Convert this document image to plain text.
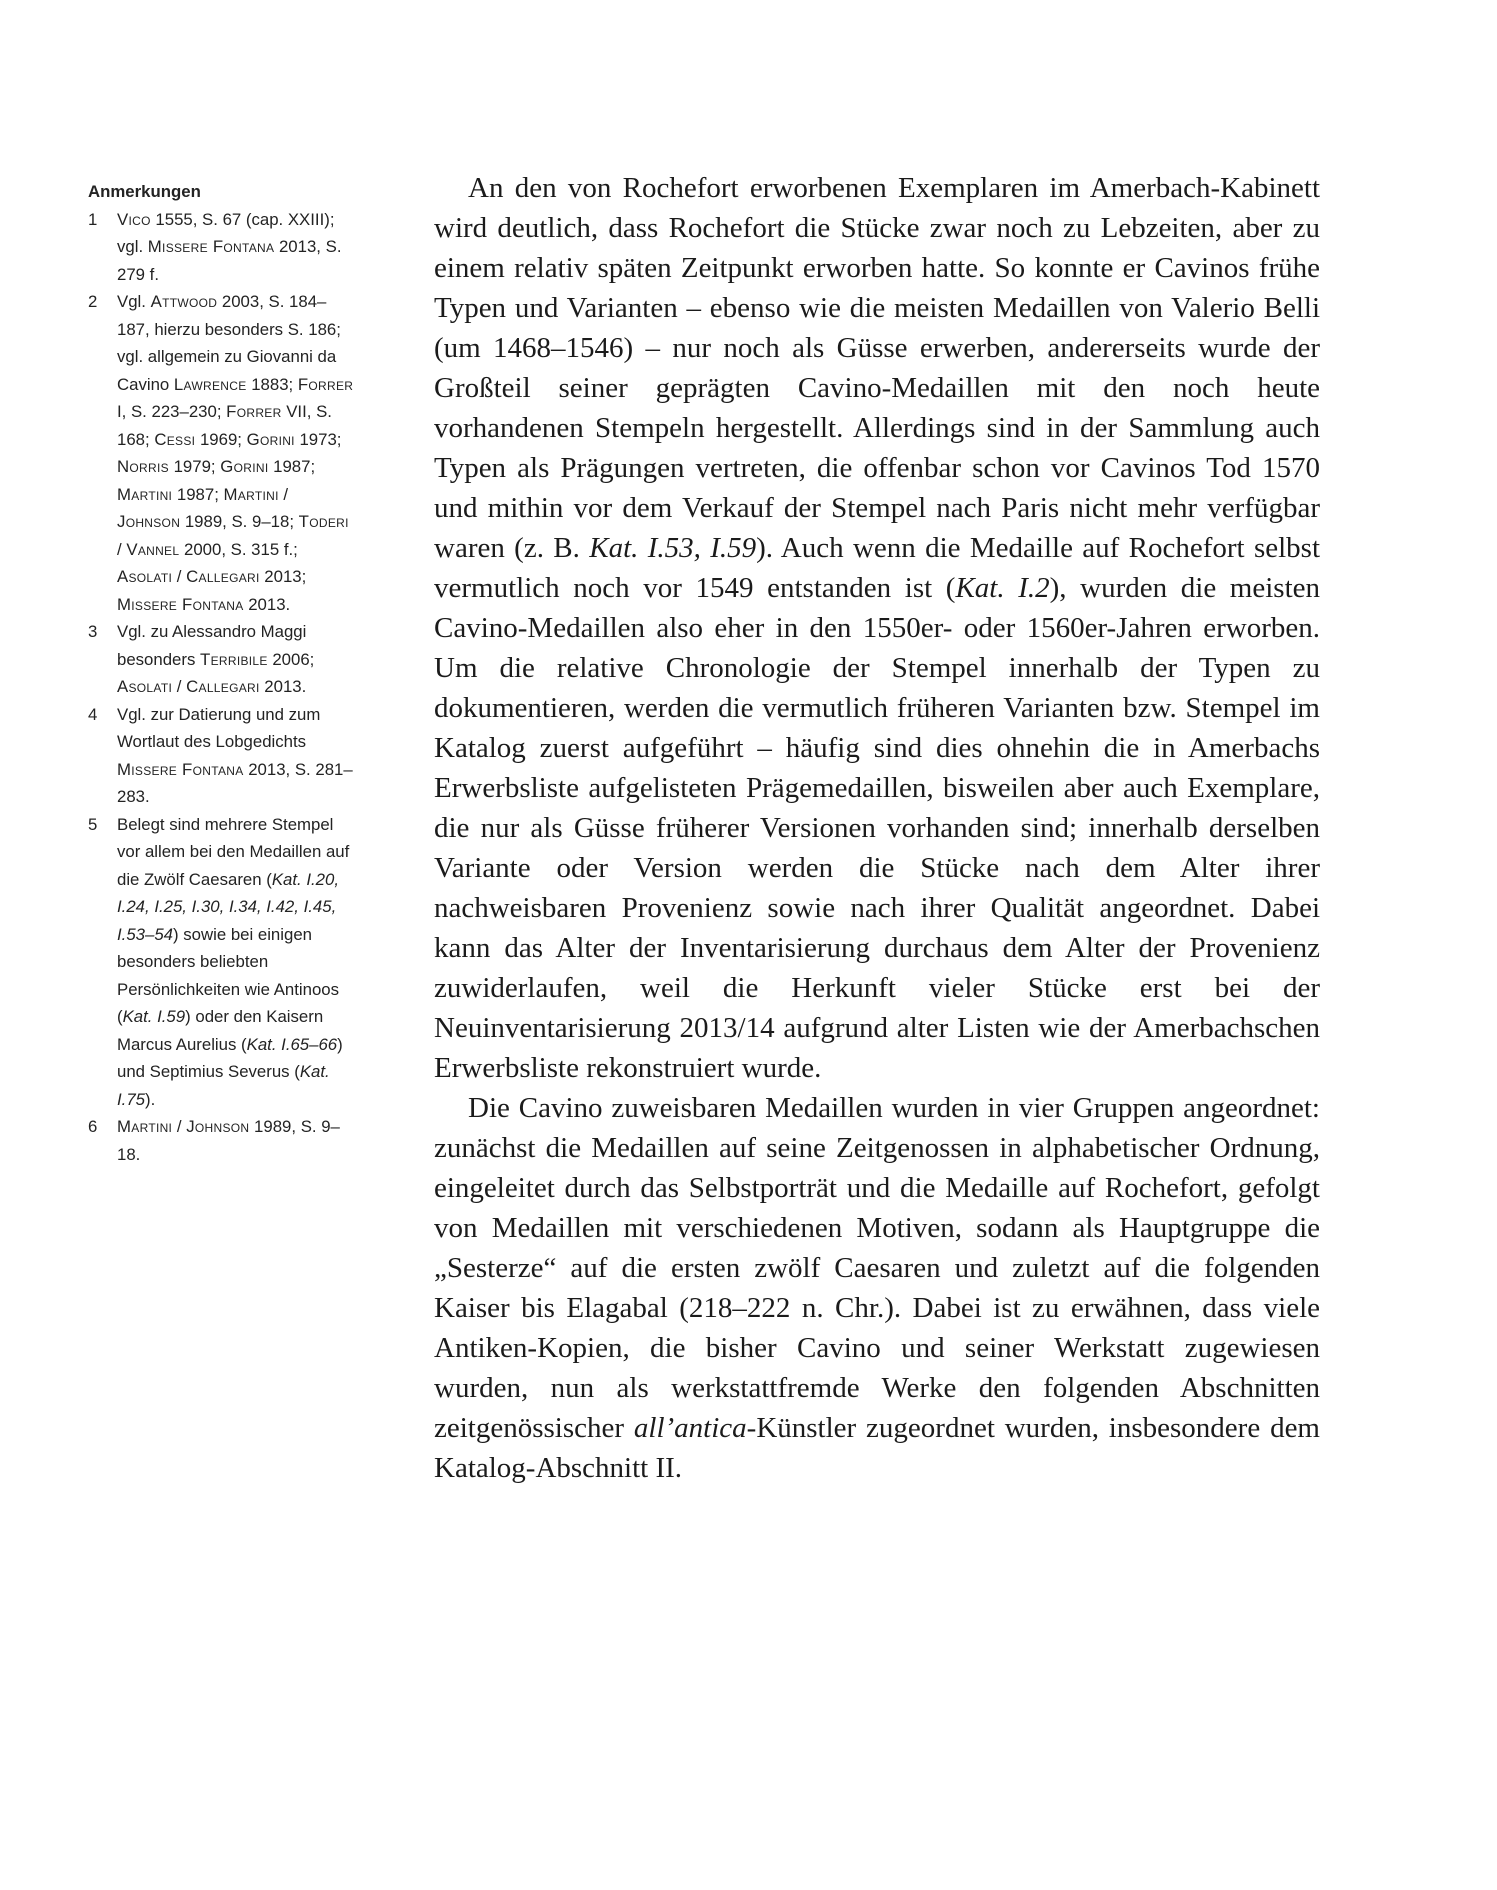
Anmerkungen
1	Vico 1555, S. 67 (cap. XXIII); vgl. Missere Fontana 2013, S. 279 f.
2	Vgl. Attwood 2003, S. 184–187, hierzu besonders S. 186; vgl. allgemein zu Giovanni da Cavino Lawrence 1883; Forrer I, S. 223–230; Forrer VII, S. 168; Cessi 1969; Gorini 1973; Norris 1979; Gorini 1987; Martini 1987; Martini / Johnson 1989, S. 9–18; Toderi / Vannel 2000, S. 315 f.; Asolati / Callegari 2013; Missere Fontana 2013.
3	Vgl. zu Alessandro Maggi besonders Terribile 2006; Asolati / Callegari 2013.
4	Vgl. zur Datierung und zum Wortlaut des Lobgedichts Missere Fontana 2013, S. 281–283.
5	Belegt sind mehrere Stempel vor allem bei den Medaillen auf die Zwölf Caesaren (Kat. I.20, I.24, I.25, I.30, I.34, I.42, I.45, I.53–54) sowie bei einigen besonders beliebten Persönlichkeiten wie Antinoos (Kat. I.59) oder den Kaisern Marcus Aurelius (Kat. I.65–66) und Septimius Severus (Kat. I.75).
6	Martini / Johnson 1989, S. 9–18.

An den von Rochefort erworbenen Exemplaren im Amerbach-Kabinett wird deutlich, dass Rochefort die Stücke zwar noch zu Lebzeiten, aber zu einem relativ späten Zeitpunkt erworben hatte. So konnte er Cavinos frühe Typen und Varianten – ebenso wie die meisten Medaillen von Valerio Belli (um 1468–1546) – nur noch als Güsse erwerben, andererseits wurde der Großteil seiner geprägten Cavino-Medaillen mit den noch heute vorhandenen Stempeln hergestellt. Allerdings sind in der Sammlung auch Typen als Prägungen vertreten, die offenbar schon vor Cavinos Tod 1570 und mithin vor dem Verkauf der Stempel nach Paris nicht mehr verfügbar waren (z. B. Kat. I.53, I.59). Auch wenn die Medaille auf Rochefort selbst vermutlich noch vor 1549 entstanden ist (Kat. I.2), wurden die meisten Cavino-Medaillen also eher in den 1550er- oder 1560er-Jahren erworben. Um die relative Chronologie der Stempel innerhalb der Typen zu dokumentieren, werden die vermutlich früheren Varianten bzw. Stempel im Katalog zuerst aufgeführt – häufig sind dies ohnehin die in Amerbachs Erwerbsliste aufgelisteten Prägemedaillen, bisweilen aber auch Exemplare, die nur als Güsse früherer Versionen vorhanden sind; innerhalb derselben Variante oder Version werden die Stücke nach dem Alter ihrer nachweisbaren Provenienz sowie nach ihrer Qualität angeordnet. Dabei kann das Alter der Inventarisierung durchaus dem Alter der Provenienz zuwiderlaufen, weil die Herkunft vieler Stücke erst bei der Neuinventarisierung 2013/14 aufgrund alter Listen wie der Amerbachschen Erwerbsliste rekonstruiert wurde.

Die Cavino zuweisbaren Medaillen wurden in vier Gruppen angeordnet: zunächst die Medaillen auf seine Zeitgenossen in alphabetischer Ordnung, eingeleitet durch das Selbstporträt und die Medaille auf Rochefort, gefolgt von Medaillen mit verschiedenen Motiven, sodann als Hauptgruppe die „Sesterze“ auf die ersten zwölf Caesaren und zuletzt auf die folgenden Kaiser bis Elagabal (218–222 n. Chr.). Dabei ist zu erwähnen, dass viele Antiken-Kopien, die bisher Cavino und seiner Werkstatt zugewiesen wurden, nun als werkstattfremde Werke den folgenden Abschnitten zeitgenössischer all’antica-Künstler zugeordnet wurden, insbesondere dem Katalog-Abschnitt II.
